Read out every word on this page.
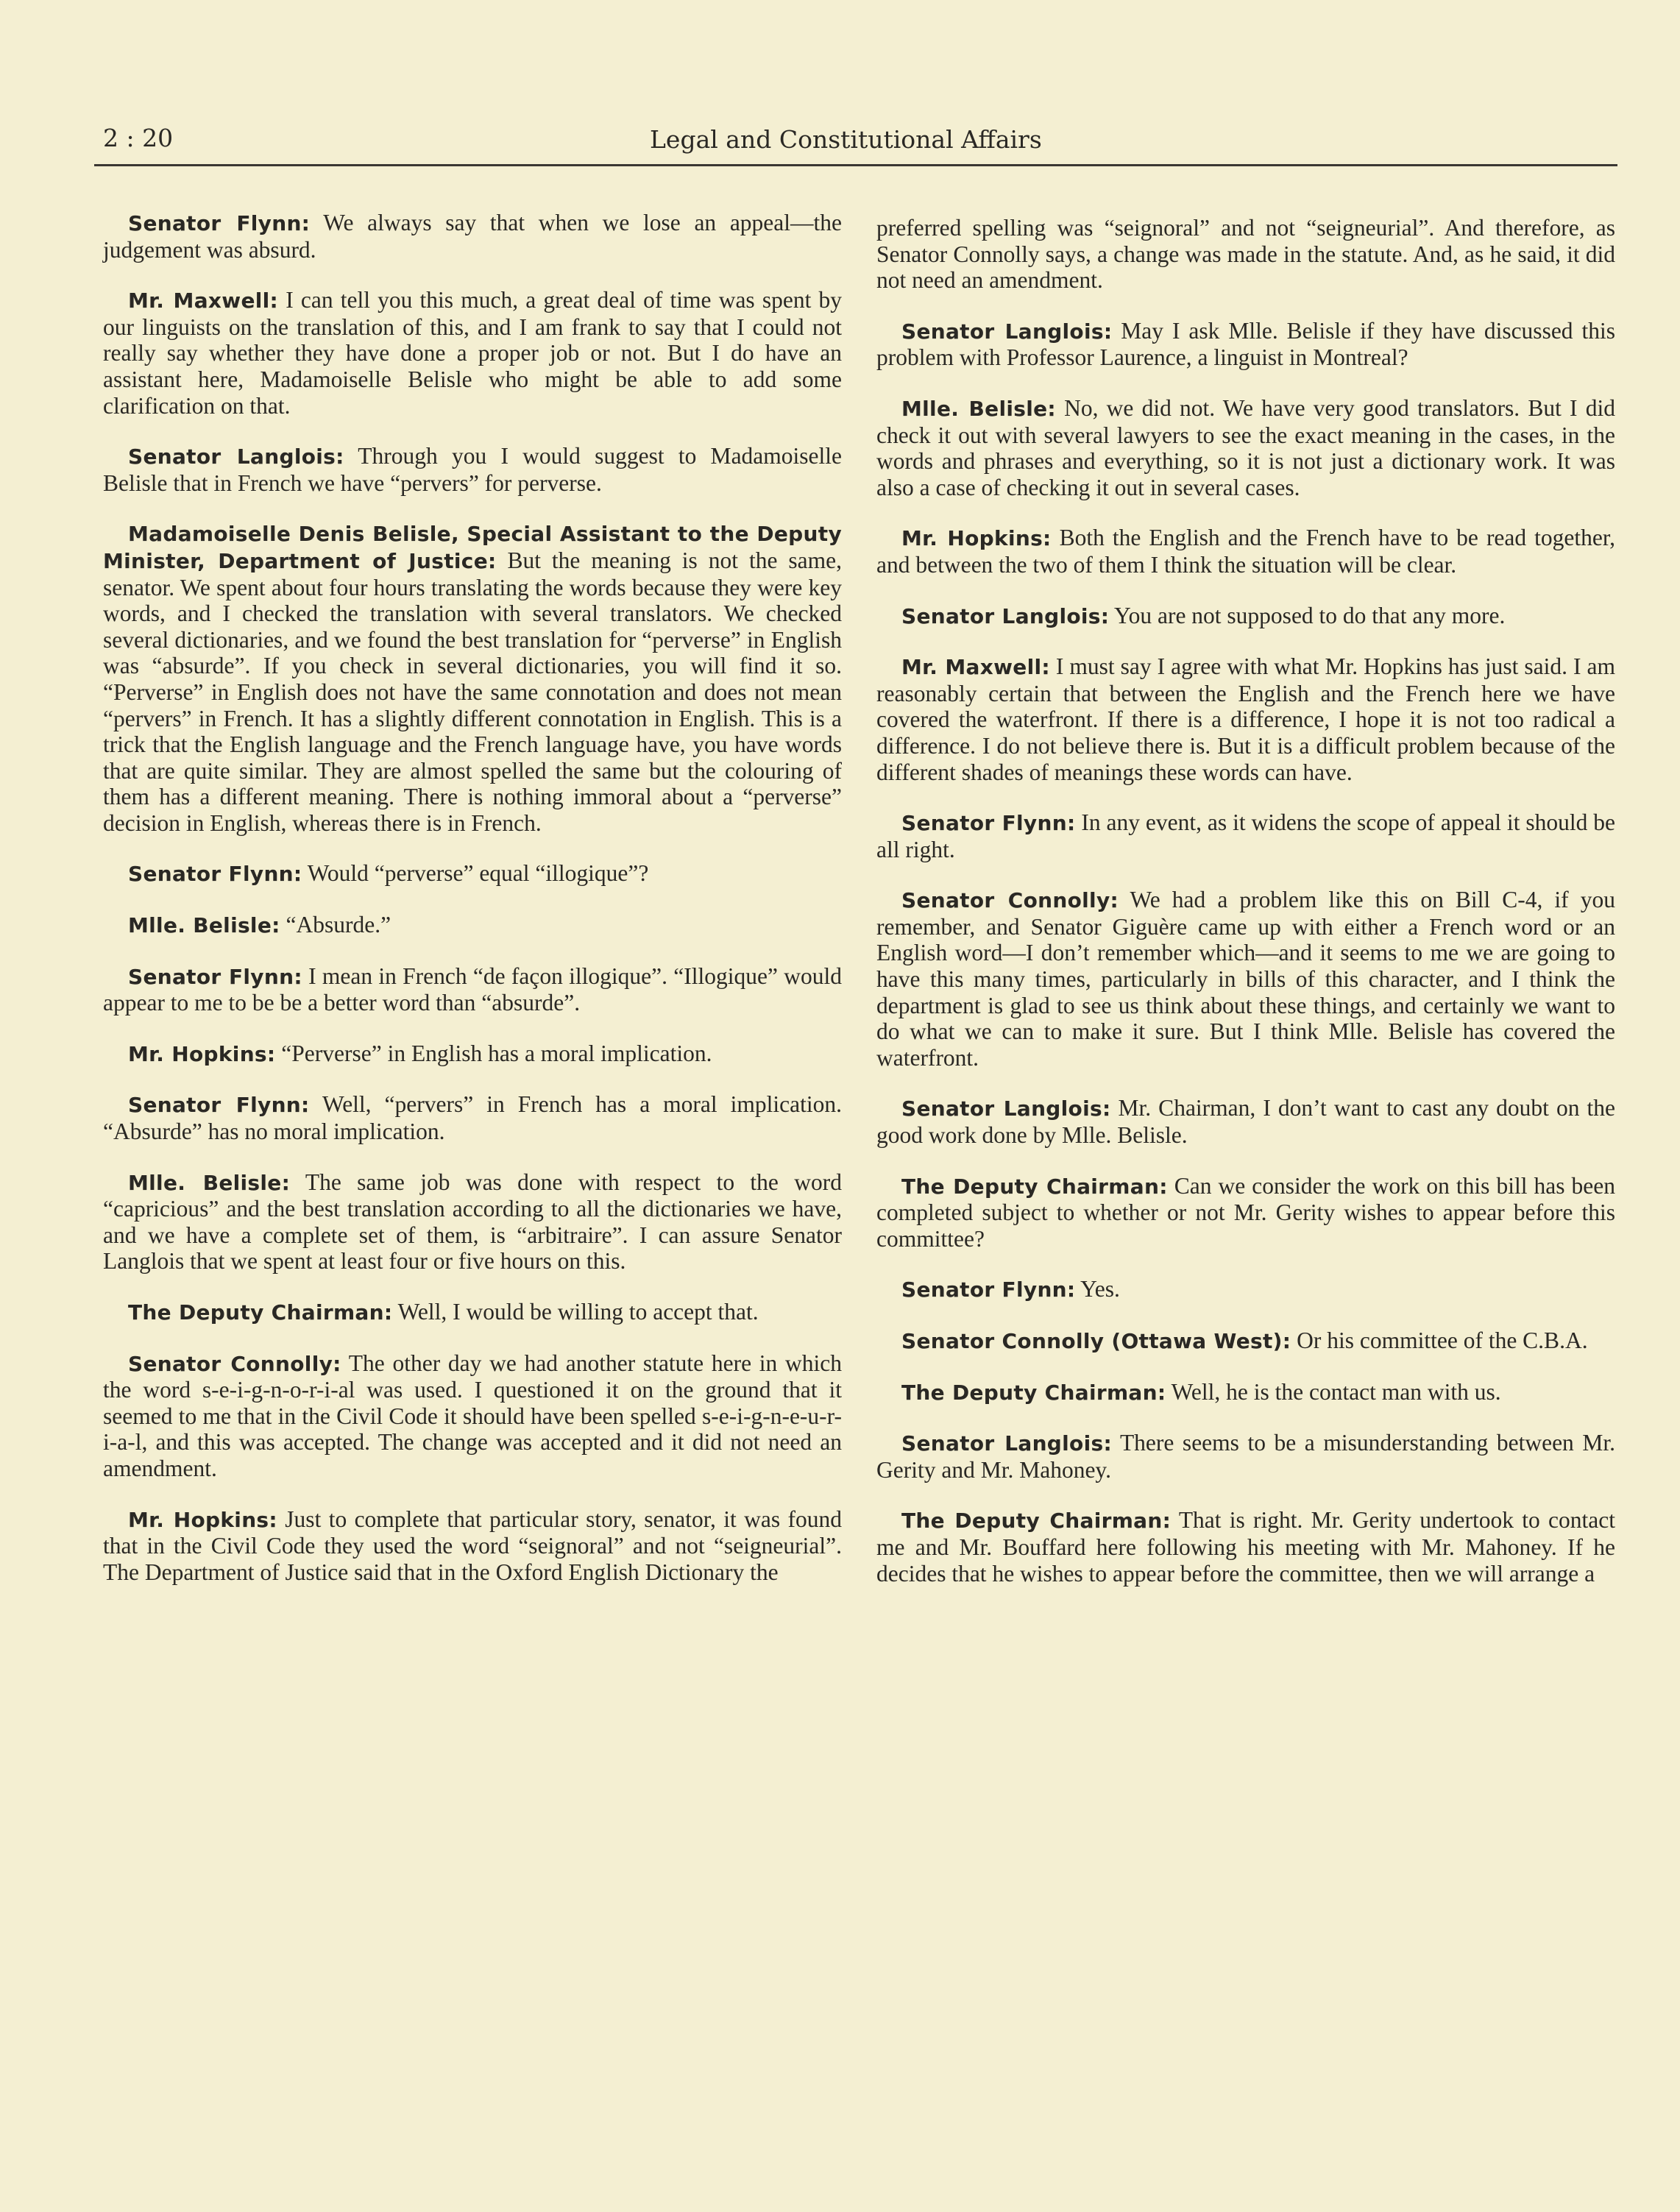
2 : 20	Legal and Constitutional Affairs

Senator Flynn: We always say that when we lose an appeal—the judgement was absurd.

Mr. Maxwell: I can tell you this much, a great deal of time was spent by our linguists on the translation of this, and I am frank to say that I could not really say whether they have done a proper job or not. But I do have an assistant here, Madamoiselle Belisle who might be able to add some clarification on that.

Senator Langlois: Through you I would suggest to Madamoiselle Belisle that in French we have “pervers” for perverse.

Madamoiselle Denis Belisle, Special Assistant to the Deputy Minister, Department of Justice: But the meaning is not the same, senator. We spent about four hours translating the words because they were key words, and I checked the translation with several translators. We checked several dictionaries, and we found the best translation for “perverse” in English was “absurde”. If you check in several dictionaries, you will find it so. “Perverse” in English does not have the same connotation and does not mean “pervers” in French. It has a slightly different connotation in English. This is a trick that the English language and the French language have, you have words that are quite similar. They are almost spelled the same but the colouring of them has a different meaning. There is nothing immoral about a “perverse” decision in English, whereas there is in French.

Senator Flynn: Would “perverse” equal “illogique”?

Mlle. Belisle: “Absurde.”

Senator Flynn: I mean in French “de façon illogique”. “Illogique” would appear to me to be be a better word than “absurde”.

Mr. Hopkins: “Perverse” in English has a moral implication.

Senator Flynn: Well, “pervers” in French has a moral implication. “Absurde” has no moral implication.

Mlle. Belisle: The same job was done with respect to the word “capricious” and the best translation according to all the dictionaries we have, and we have a complete set of them, is “arbitraire”. I can assure Senator Langlois that we spent at least four or five hours on this.

The Deputy Chairman: Well, I would be willing to accept that.

Senator Connolly: The other day we had another statute here in which the word s-e-i-g-n-o-r-i-al was used. I questioned it on the ground that it seemed to me that in the Civil Code it should have been spelled s-e-i-g-n-e-u-r-i-a-l, and this was accepted. The change was accepted and it did not need an amendment.

Mr. Hopkins: Just to complete that particular story, senator, it was found that in the Civil Code they used the word “seignoral” and not “seigneurial”. The Department of Justice said that in the Oxford English Dictionary the

preferred spelling was “seignoral” and not “seigneurial”. And therefore, as Senator Connolly says, a change was made in the statute. And, as he said, it did not need an amendment.

Senator Langlois: May I ask Mlle. Belisle if they have discussed this problem with Professor Laurence, a linguist in Montreal?

Mlle. Belisle: No, we did not. We have very good translators. But I did check it out with several lawyers to see the exact meaning in the cases, in the words and phrases and everything, so it is not just a dictionary work. It was also a case of checking it out in several cases.

Mr. Hopkins: Both the English and the French have to be read together, and between the two of them I think the situation will be clear.

Senator Langlois: You are not supposed to do that any more.

Mr. Maxwell: I must say I agree with what Mr. Hopkins has just said. I am reasonably certain that between the English and the French here we have covered the waterfront. If there is a difference, I hope it is not too radical a difference. I do not believe there is. But it is a difficult problem because of the different shades of meanings these words can have.

Senator Flynn: In any event, as it widens the scope of appeal it should be all right.

Senator Connolly: We had a problem like this on Bill C-4, if you remember, and Senator Giguère came up with either a French word or an English word—I don’t remember which—and it seems to me we are going to have this many times, particularly in bills of this character, and I think the department is glad to see us think about these things, and certainly we want to do what we can to make it sure. But I think Mlle. Belisle has covered the waterfront.

Senator Langlois: Mr. Chairman, I don’t want to cast any doubt on the good work done by Mlle. Belisle.

The Deputy Chairman: Can we consider the work on this bill has been completed subject to whether or not Mr. Gerity wishes to appear before this committee?

Senator Flynn: Yes.

Senator Connolly (Ottawa West): Or his committee of the C.B.A.

The Deputy Chairman: Well, he is the contact man with us.

Senator Langlois: There seems to be a misunderstanding between Mr. Gerity and Mr. Mahoney.

The Deputy Chairman: That is right. Mr. Gerity undertook to contact me and Mr. Bouffard here following his meeting with Mr. Mahoney. If he decides that he wishes to appear before the committee, then we will arrange a
